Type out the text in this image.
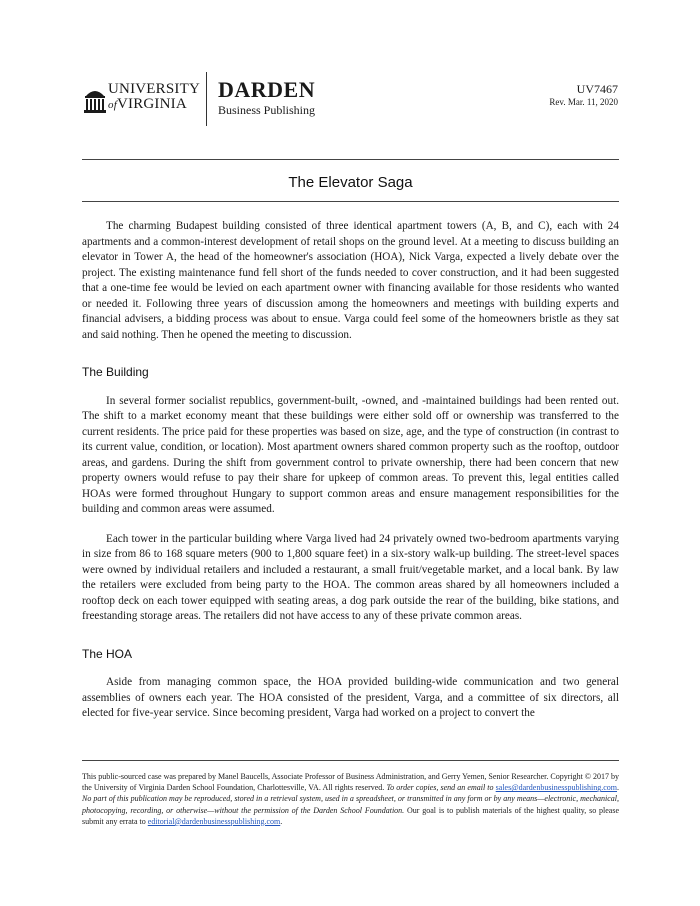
UNIVERSITY
ofVIRGINIA
DARDEN
Business Publishing
UV7467
Rev. Mar. 11, 2020
The Elevator Saga

The charming Budapest building consisted of three identical apartment towers (A, B, and C), each with 24 apartments and a common-interest development of retail shops on the ground level. At a meeting to discuss building an elevator in Tower A, the head of the homeowner's association (HOA), Nick Varga, expected a lively debate over the project. The existing maintenance fund fell short of the funds needed to cover construction, and it had been suggested that a one-time fee would be levied on each apartment owner with financing available for those residents who wanted or needed it. Following three years of discussion among the homeowners and meetings with building experts and financial advisers, a bidding process was about to ensue. Varga could feel some of the homeowners bristle as they sat and said nothing. Then he opened the meeting to discussion.

The Building

In several former socialist republics, government-built, -owned, and -maintained buildings had been rented out. The shift to a market economy meant that these buildings were either sold off or ownership was transferred to the current residents. The price paid for these properties was based on size, age, and the type of construction (in contrast to its current value, condition, or location). Most apartment owners shared common property such as the rooftop, outdoor areas, and gardens. During the shift from government control to private ownership, there had been concern that new property owners would refuse to pay their share for upkeep of common areas. To prevent this, legal entities called HOAs were formed throughout Hungary to support common areas and ensure management responsibilities for the building and common areas were assumed.

Each tower in the particular building where Varga lived had 24 privately owned two-bedroom apartments varying in size from 86 to 168 square meters (900 to 1,800 square feet) in a six-story walk-up building. The street-level spaces were owned by individual retailers and included a restaurant, a small fruit/vegetable market, and a local bank. By law the retailers were excluded from being party to the HOA. The common areas shared by all homeowners included a rooftop deck on each tower equipped with seating areas, a dog park outside the rear of the building, bike stations, and freestanding storage areas. The retailers did not have access to any of these private common areas.

The HOA

Aside from managing common space, the HOA provided building-wide communication and two general assemblies of owners each year. The HOA consisted of the president, Varga, and a committee of six directors, all elected for five-year service. Since becoming president, Varga had worked on a project to convert the

This public-sourced case was prepared by Manel Baucells, Associate Professor of Business Administration, and Gerry Yemen, Senior Researcher. Copyright © 2017 by the University of Virginia Darden School Foundation, Charlottesville, VA. All rights reserved. To order copies, send an email to sales@dardenbusinesspublishing.com. No part of this publication may be reproduced, stored in a retrieval system, used in a spreadsheet, or transmitted in any form or by any means—electronic, mechanical, photocopying, recording, or otherwise—without the permission of the Darden School Foundation. Our goal is to publish materials of the highest quality, so please submit any errata to editorial@dardenbusinesspublishing.com.
